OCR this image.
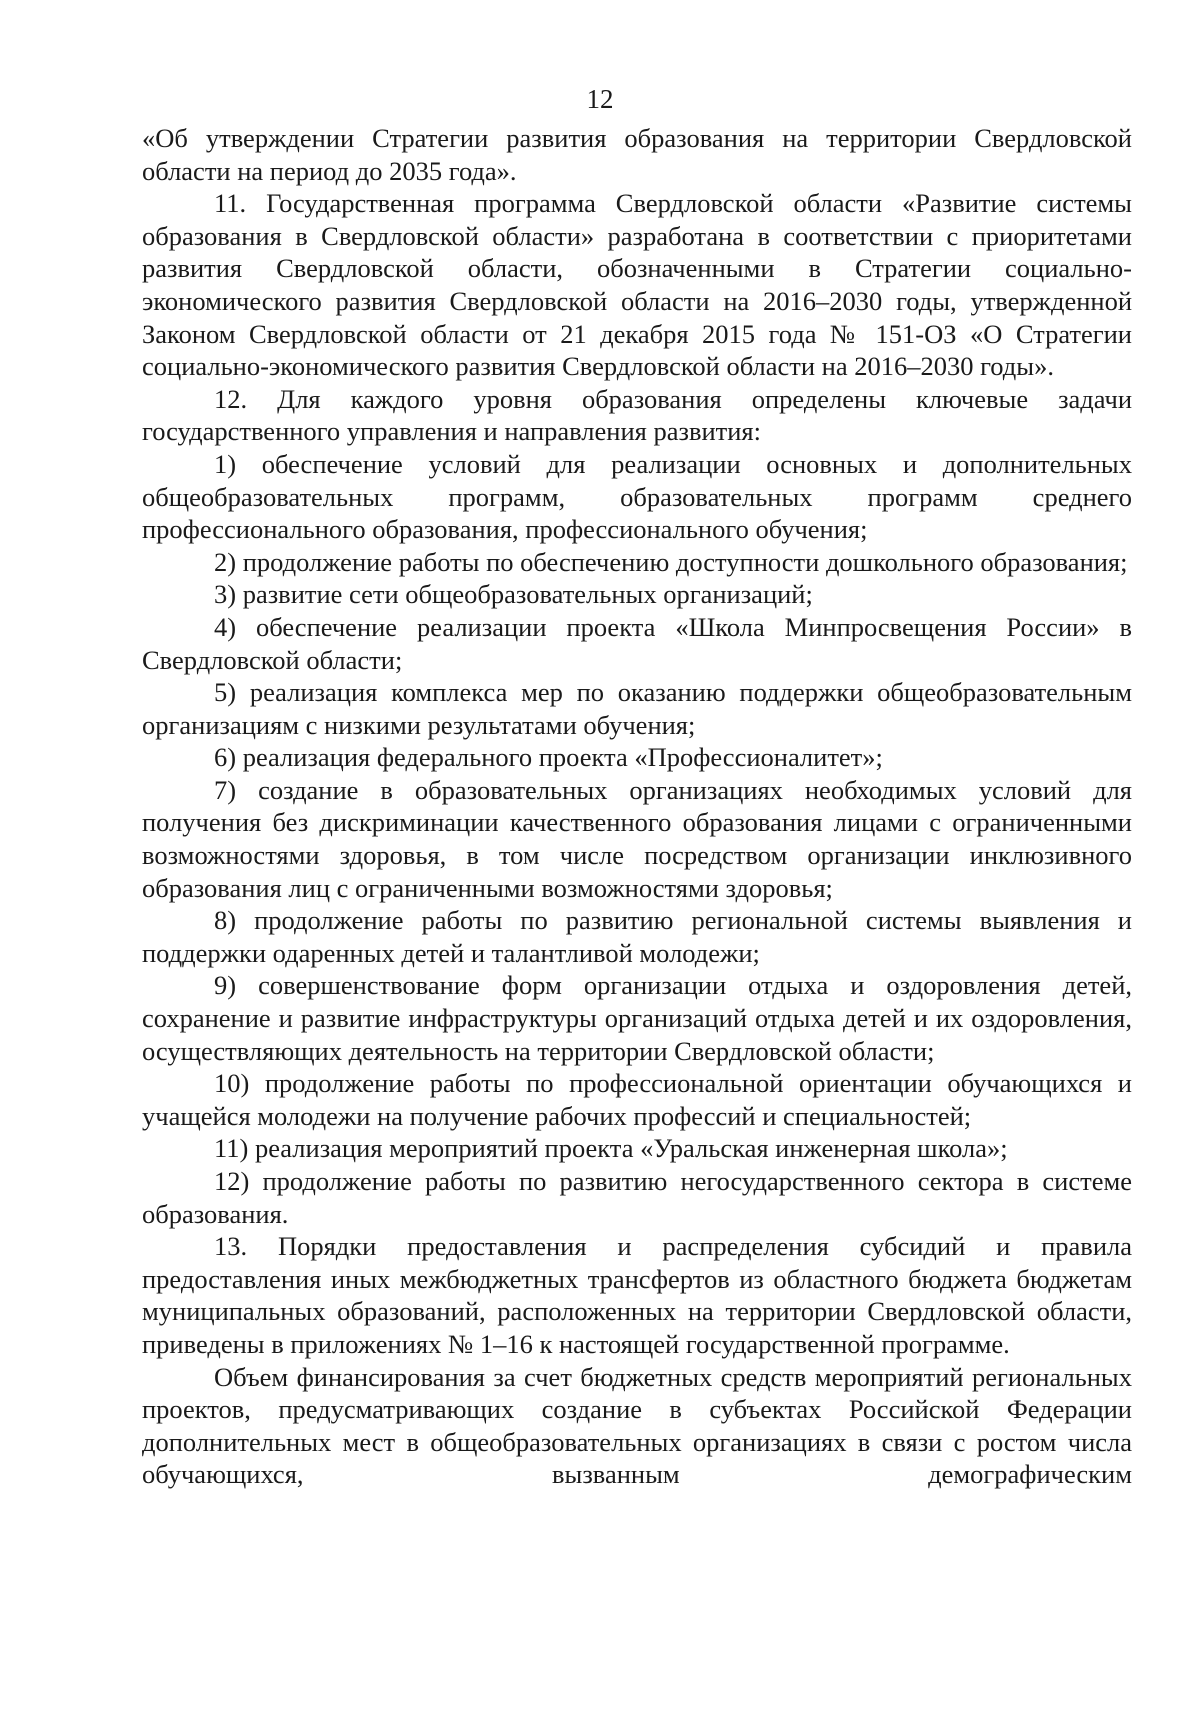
12

«Об утверждении Стратегии развития образования на территории Свердловской области на период до 2035 года».

11. Государственная программа Свердловской области «Развитие системы образования в Свердловской области» разработана в соответствии с приоритетами развития Свердловской области, обозначенными в Стратегии социально-экономического развития Свердловской области на 2016–2030 годы, утвержденной Законом Свердловской области от 21 декабря 2015 года № 151-ОЗ «О Стратегии социально-экономического развития Свердловской области на 2016–2030 годы».

12. Для каждого уровня образования определены ключевые задачи государственного управления и направления развития:

1) обеспечение условий для реализации основных и дополнительных общеобразовательных программ, образовательных программ среднего профессионального образования, профессионального обучения;

2) продолжение работы по обеспечению доступности дошкольного образования;

3) развитие сети общеобразовательных организаций;

4) обеспечение реализации проекта «Школа Минпросвещения России» в Свердловской области;

5) реализация комплекса мер по оказанию поддержки общеобразовательным организациям с низкими результатами обучения;

6) реализация федерального проекта «Профессионалитет»;

7) создание в образовательных организациях необходимых условий для получения без дискриминации качественного образования лицами с ограниченными возможностями здоровья, в том числе посредством организации инклюзивного образования лиц с ограниченными возможностями здоровья;

8) продолжение работы по развитию региональной системы выявления и поддержки одаренных детей и талантливой молодежи;

9) совершенствование форм организации отдыха и оздоровления детей, сохранение и развитие инфраструктуры организаций отдыха детей и их оздоровления, осуществляющих деятельность на территории Свердловской области;

10) продолжение работы по профессиональной ориентации обучающихся и учащейся молодежи на получение рабочих профессий и специальностей;

11) реализация мероприятий проекта «Уральская инженерная школа»;

12) продолжение работы по развитию негосударственного сектора в системе образования.

13. Порядки предоставления и распределения субсидий и правила предоставления иных межбюджетных трансфертов из областного бюджета бюджетам муниципальных образований, расположенных на территории Свердловской области, приведены в приложениях № 1–16 к настоящей государственной программе.

Объем финансирования за счет бюджетных средств мероприятий региональных проектов, предусматривающих создание в субъектах Российской Федерации дополнительных мест в общеобразовательных организациях в связи с ростом числа обучающихся, вызванным демографическим
